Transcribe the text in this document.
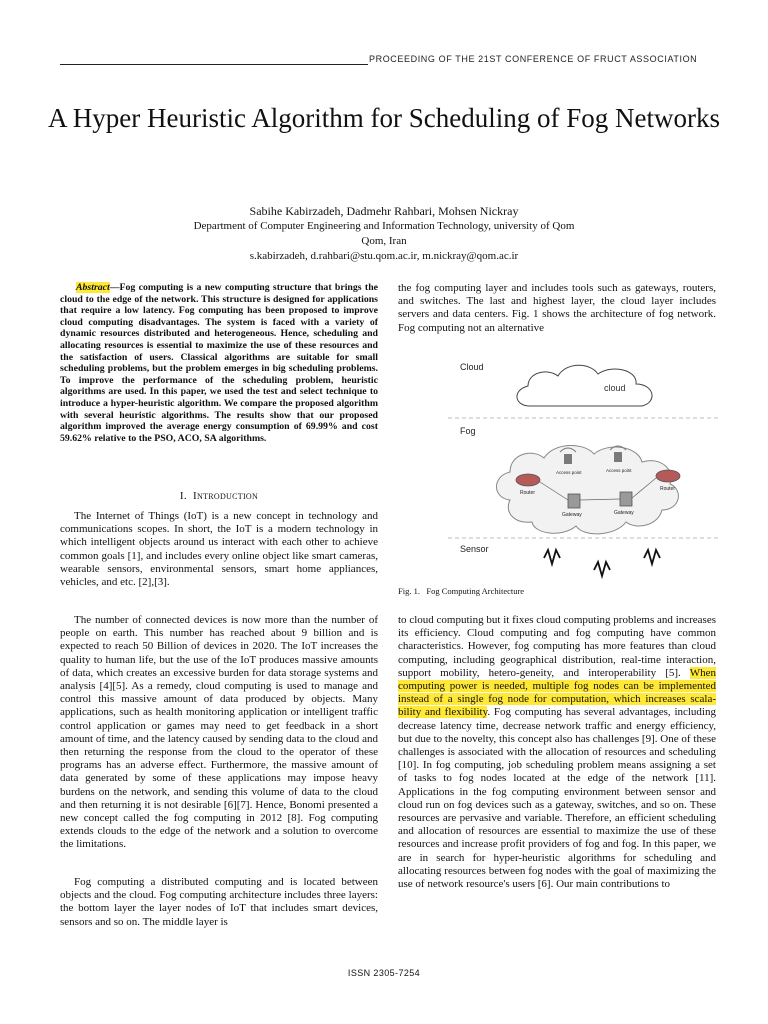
PROCEEDING OF THE 21ST CONFERENCE OF FRUCT ASSOCIATION
A Hyper Heuristic Algorithm for Scheduling of Fog Networks
Sabihe Kabirzadeh, Dadmehr Rahbari, Mohsen Nickray
Department of Computer Engineering and Information Technology, university of Qom
Qom, Iran
s.kabirzadeh, d.rahbari@stu.qom.ac.ir, m.nickray@qom.ac.ir

Abstract—Fog computing is a new computing structure that brings the cloud to the edge of the network. This structure is designed for applications that require a low latency. Fog computing has been proposed to improve cloud computing disadvantages. The system is faced with a variety of dynamic resources distributed and heterogeneous. Hence, scheduling and allocating resources is essential to maximize the use of these resources and the satisfaction of users. Classical algorithms are suitable for small scheduling problems, but the problem emerges in big scheduling problems. To improve the performance of the scheduling problem, heuristic algorithms are used. In this paper, we used the test and select technique to introduce a hyper-heuristic algorithm. We compare the proposed algorithm with several heuristic algorithms. The results show that our proposed algorithm improved the average energy consumption of 69.99% and cost 59.62% relative to the PSO, ACO, SA algorithms.

I. Introduction

The Internet of Things (IoT) is a new concept in technology and communications scopes. In short, the IoT is a modern technology in which intelligent objects around us interact with each other to achieve common goals [1], and includes every online object like smart cameras, wearable sensors, environmental sensors, smart home appliances, vehicles, and etc. [2],[3].

The number of connected devices is now more than the number of people on earth. This number has reached about 9 billion and is expected to reach 50 Billion of devices in 2020. The IoT increases the quality to human life, but the use of the IoT produces massive amounts of data, which creates an excessive burden for data storage systems and analysis [4][5]. As a remedy, cloud computing is used to manage and control this massive amount of data produced by objects. Many applications, such as health monitoring application or intelligent traffic control application or games may need to get feedback in a short amount of time, and the latency caused by sending data to the cloud and then returning the response from the cloud to the operator of these programs has an adverse effect. Furthermore, the massive amount of data generated by some of these applications may impose heavy burdens on the network, and sending this volume of data to the cloud and then returning it is not desirable [6][7]. Hence, Bonomi presented a new concept called the fog computing in 2012 [8]. Fog computing extends clouds to the edge of the network and a solution to overcome the limitations.

Fog computing a distributed computing and is located between objects and the cloud. Fog computing architecture includes three layers: the bottom layer the layer nodes of IoT that includes smart devices, sensors and so on. The middle layer is

the fog computing layer and includes tools such as gateways, routers, and switches. The last and highest layer, the cloud layer includes servers and data centers. Fig. 1 shows the architecture of fog network. Fog computing not an alternative

Cloud
cloud
Fog
Access point	Access point
Router
Router
Gateway	Gateway
Sensor
Fig. 1. Fog Computing Architecture

to cloud computing but it fixes cloud computing problems and increases its efficiency. Cloud computing and fog computing have common characteristics. However, fog computing has more features than cloud computing, including geographical distribution, real-time interaction, support mobility, hetero-geneity, and interoperability [5]. When computing power is needed, multiple fog nodes can be implemented instead of a single fog node for computation, which increases scala-bility and flexibility. Fog computing has several advantages, including decrease latency time, decrease network traffic and energy efficiency, but due to the novelty, this concept also has challenges [9]. One of these challenges is associated with the allocation of resources and scheduling [10]. In fog computing, job scheduling problem means assigning a set of tasks to fog nodes located at the edge of the network [11]. Applications in the fog computing environment between sensor and cloud run on fog devices such as a gateway, switches, and so on. These resources are pervasive and variable. Therefore, an efficient scheduling and allocation of resources are essential to maximize the use of these resources and increase profit providers of fog and fog. In this paper, we are in search for hyper-heuristic algorithms for scheduling and allocating resources between fog nodes with the goal of maximizing the use of network resource's users [6]. Our main contributions to

ISSN 2305-7254
